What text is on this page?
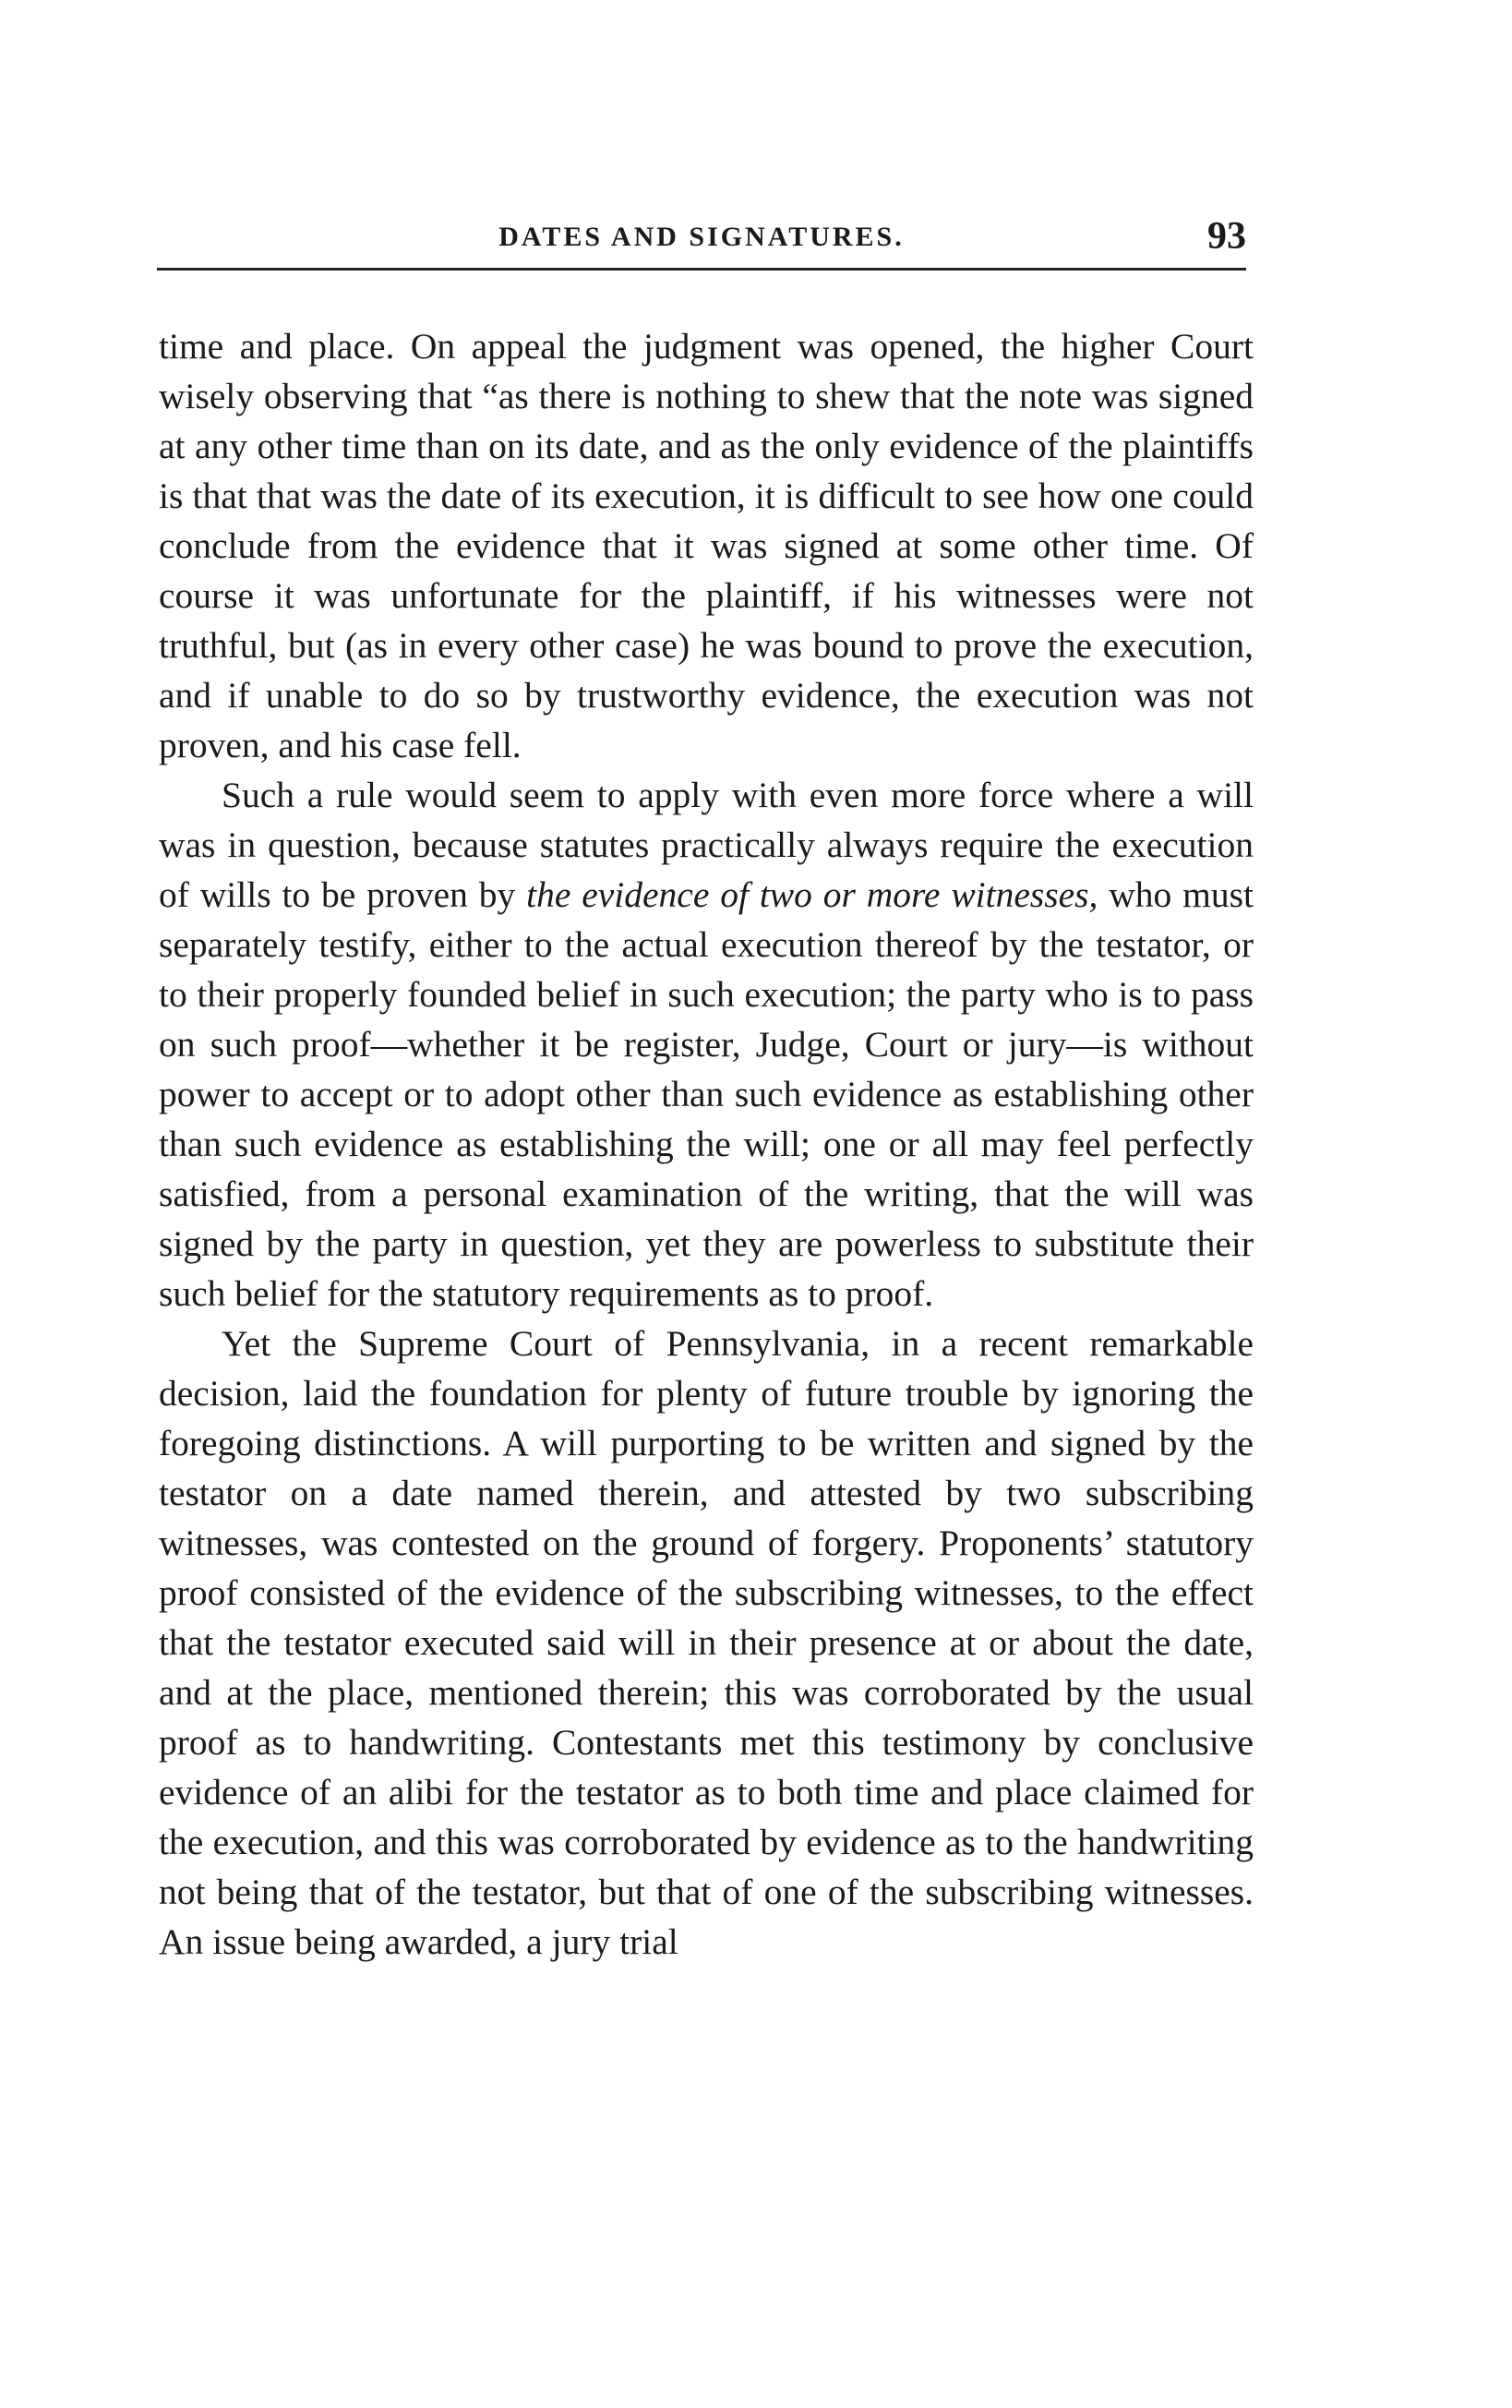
DATES AND SIGNATURES.	93

time and place. On appeal the judgment was opened, the higher Court wisely observing that “as there is nothing to shew that the note was signed at any other time than on its date, and as the only evidence of the plaintiffs is that that was the date of its execution, it is difficult to see how one could conclude from the evidence that it was signed at some other time. Of course it was unfortunate for the plaintiff, if his witnesses were not truthful, but (as in every other case) he was bound to prove the execution, and if unable to do so by trustworthy evidence, the execution was not proven, and his case fell.

Such a rule would seem to apply with even more force where a will was in question, because statutes practically always require the execution of wills to be proven by the evidence of two or more witnesses, who must separately testify, either to the actual execution thereof by the testator, or to their properly founded belief in such execution; the party who is to pass on such proof—whether it be register, Judge, Court or jury—is without power to accept or to adopt other than such evidence as establishing other than such evidence as establishing the will; one or all may feel perfectly satisfied, from a personal examination of the writing, that the will was signed by the party in question, yet they are powerless to substitute their such belief for the statutory requirements as to proof.

Yet the Supreme Court of Pennsylvania, in a recent remarkable decision, laid the foundation for plenty of future trouble by ignoring the foregoing distinctions. A will purporting to be written and signed by the testator on a date named therein, and attested by two subscribing witnesses, was contested on the ground of forgery. Proponents’ statutory proof consisted of the evidence of the subscribing witnesses, to the effect that the testator executed said will in their presence at or about the date, and at the place, mentioned therein; this was corroborated by the usual proof as to handwriting. Contestants met this testimony by conclusive evidence of an alibi for the testator as to both time and place claimed for the execution, and this was corroborated by evidence as to the handwriting not being that of the testator, but that of one of the subscribing witnesses. An issue being awarded, a jury trial
